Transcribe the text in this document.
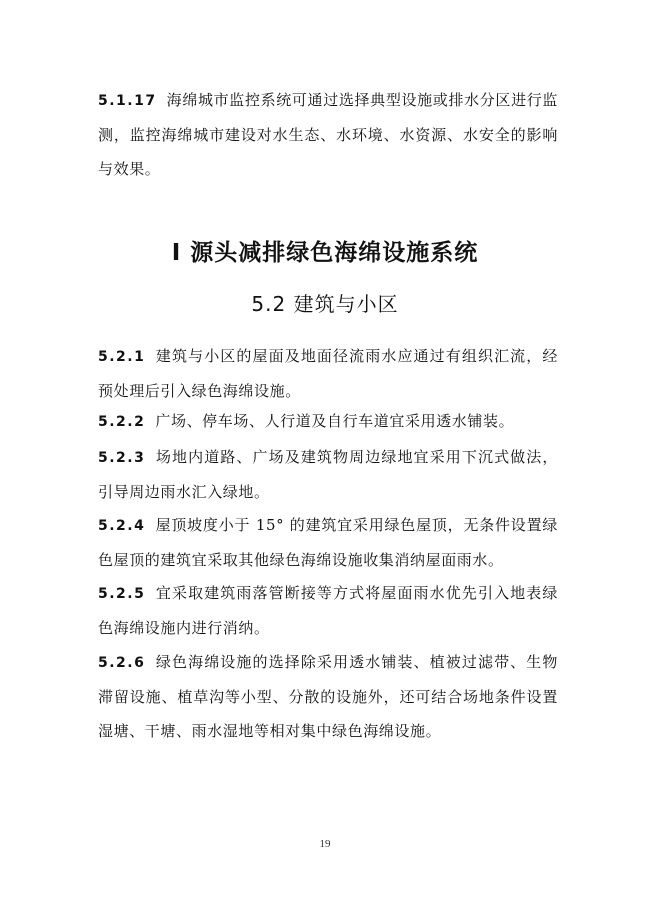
5.1.17 海绵城市监控系统可通过选择典型设施或排水分区进行监测，监控海绵城市建设对水生态、水环境、水资源、水安全的影响与效果。
Ⅰ 源头减排绿色海绵设施系统
5.2 建筑与小区
5.2.1 建筑与小区的屋面及地面径流雨水应通过有组织汇流，经预处理后引入绿色海绵设施。
5.2.2 广场、停车场、人行道及自行车道宜采用透水铺装。
5.2.3 场地内道路、广场及建筑物周边绿地宜采用下沉式做法，引导周边雨水汇入绿地。
5.2.4 屋顶坡度小于 15° 的建筑宜采用绿色屋顶，无条件设置绿色屋顶的建筑宜采取其他绿色海绵设施收集消纳屋面雨水。
5.2.5 宜采取建筑雨落管断接等方式将屋面雨水优先引入地表绿色海绵设施内进行消纳。
5.2.6 绿色海绵设施的选择除采用透水铺装、植被过滤带、生物滞留设施、植草沟等小型、分散的设施外，还可结合场地条件设置湿塘、干塘、雨水湿地等相对集中绿色海绵设施。
19
